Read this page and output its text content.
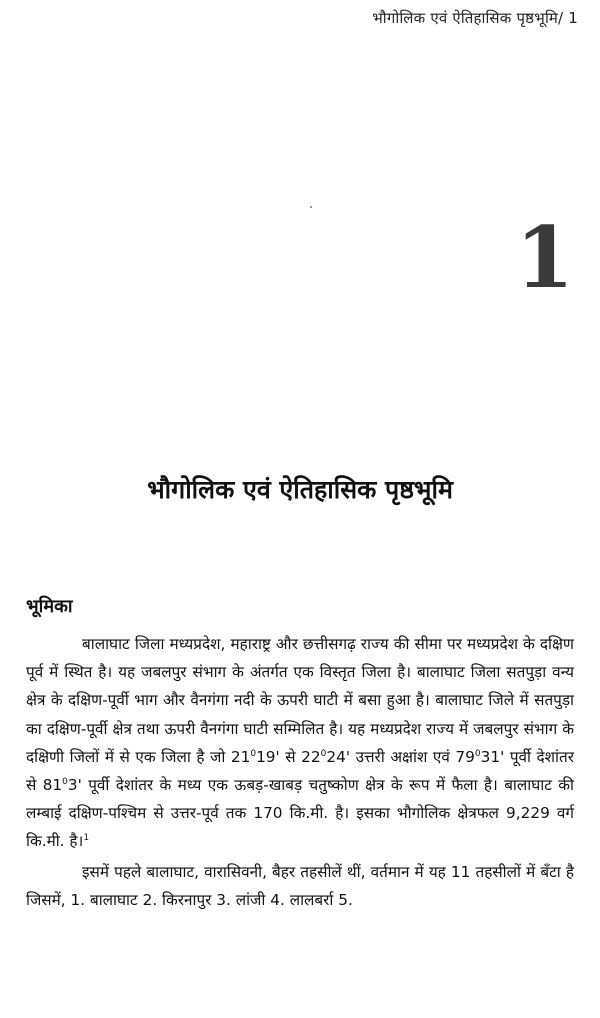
भौगोलिक एवं ऐतिहासिक पृष्ठभूमि/ 1
1
भौगोलिक एवं ऐतिहासिक पृष्ठभूमि
भूमिका

बालाघाट जिला मध्यप्रदेश, महाराष्ट्र और छत्तीसगढ़ राज्य की सीमा पर मध्यप्रदेश के दक्षिण पूर्व में स्थित है। यह जबलपुर संभाग के अंतर्गत एक विस्तृत जिला है। बालाघाट जिला सतपुड़ा वन्य क्षेत्र के दक्षिण-पूर्वी भाग और वैनगंगा नदी के ऊपरी घाटी में बसा हुआ है। बालाघाट जिले में सतपुड़ा का दक्षिण-पूर्वी क्षेत्र तथा ऊपरी वैनगंगा घाटी सम्मिलित है। यह मध्यप्रदेश राज्य में जबलपुर संभाग के दक्षिणी जिलों में से एक जिला है जो $21^019'$ से $22^024'$ उत्तरी अक्षांश एवं $79^031'$ पूर्वी देशांतर से $81^03'$ पूर्वी देशांतर के मध्य एक ऊबड़-खाबड़ चतुष्कोण क्षेत्र के रूप में फैला है। बालाघाट की लम्बाई दक्षिण-पश्चिम से उत्तर-पूर्व तक 170 कि.मी. है। इसका भौगोलिक क्षेत्रफल 9,229 वर्ग कि.मी. है।$^1$

इसमें पहले बालाघाट, वारासिवनी, बैहर तहसीलें थीं, वर्तमान में यह 11 तहसीलों में बँटा है जिसमें, 1. बालाघाट 2. किरनापुर 3. लांजी 4. लालबर्रा 5.
